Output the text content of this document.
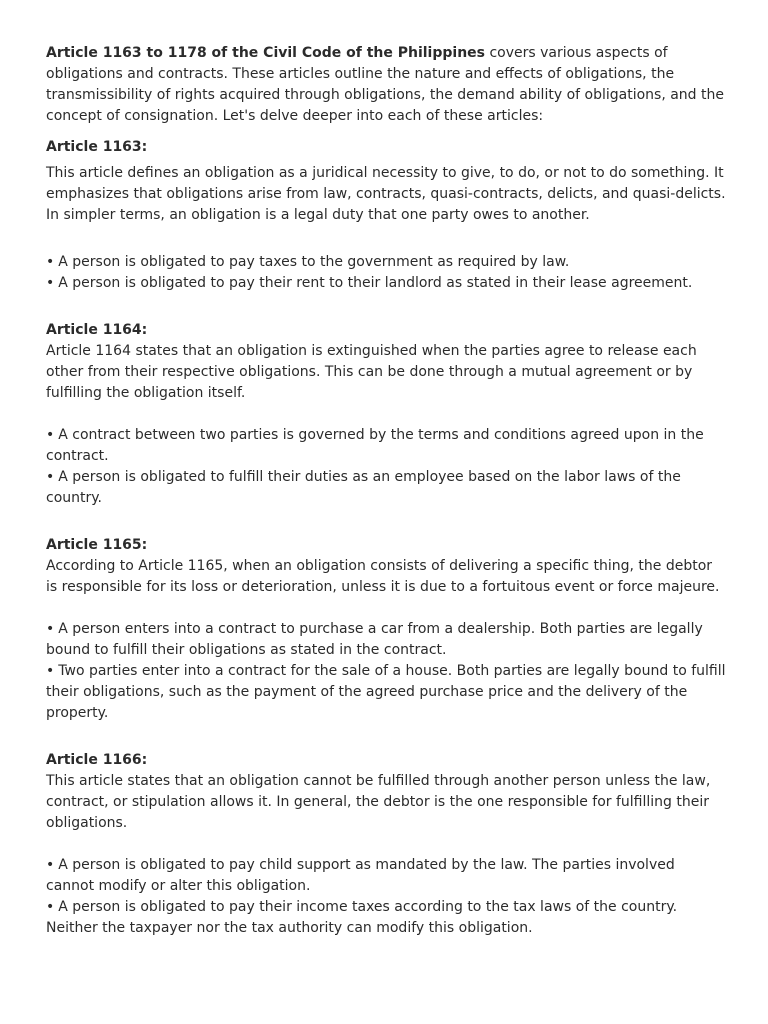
Article 1163 to 1178 of the Civil Code of the Philippines covers various aspects of obligations and contracts. These articles outline the nature and effects of obligations, the transmissibility of rights acquired through obligations, the demand ability of obligations, and the concept of consignation. Let's delve deeper into each of these articles:

Article 1163:

This article defines an obligation as a juridical necessity to give, to do, or not to do something. It emphasizes that obligations arise from law, contracts, quasi-contracts, delicts, and quasi-delicts. In simpler terms, an obligation is a legal duty that one party owes to another.

• A person is obligated to pay taxes to the government as required by law.

• A person is obligated to pay their rent to their landlord as stated in their lease agreement.

Article 1164:

Article 1164 states that an obligation is extinguished when the parties agree to release each other from their respective obligations. This can be done through a mutual agreement or by fulfilling the obligation itself.

• A contract between two parties is governed by the terms and conditions agreed upon in the contract.

• A person is obligated to fulfill their duties as an employee based on the labor laws of the country.

Article 1165:

According to Article 1165, when an obligation consists of delivering a specific thing, the debtor is responsible for its loss or deterioration, unless it is due to a fortuitous event or force majeure.

• A person enters into a contract to purchase a car from a dealership. Both parties are legally bound to fulfill their obligations as stated in the contract.

• Two parties enter into a contract for the sale of a house. Both parties are legally bound to fulfill their obligations, such as the payment of the agreed purchase price and the delivery of the property.

Article 1166:

This article states that an obligation cannot be fulfilled through another person unless the law, contract, or stipulation allows it. In general, the debtor is the one responsible for fulfilling their obligations.

• A person is obligated to pay child support as mandated by the law. The parties involved cannot modify or alter this obligation.

• A person is obligated to pay their income taxes according to the tax laws of the country. Neither the taxpayer nor the tax authority can modify this obligation.
